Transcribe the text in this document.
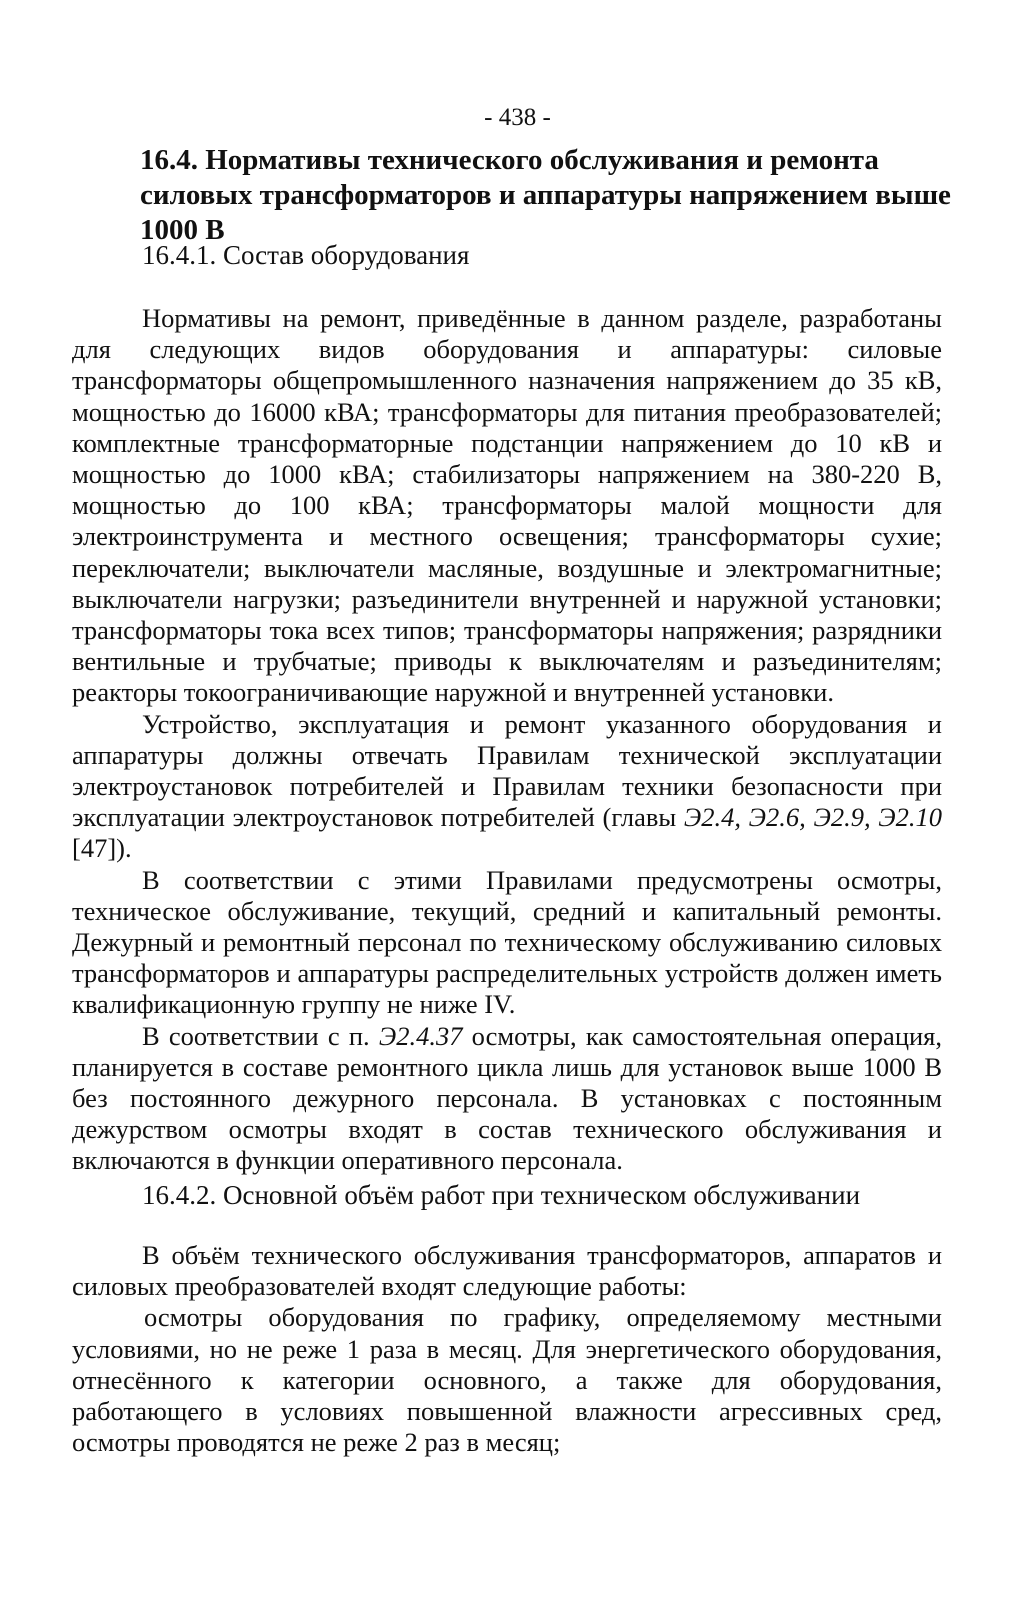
- 438 -
16.4. Нормативы технического обслуживания и ремонта силовых трансформаторов и аппаратуры напряжением выше 1000 В
16.4.1. Состав оборудования

Нормативы на ремонт, приведённые в данном разделе, разработаны для следующих видов оборудования и аппаратуры: силовые трансформаторы общепромышленного назначения напряжением до 35 кВ, мощностью до 16000 кВА; трансформаторы для питания преобразователей; комплектные трансформаторные подстанции напряжением до 10 кВ и мощностью до 1000 кВА; стабилизаторы напряжением на 380-220 В, мощностью до 100 кВА; трансформаторы малой мощности для электроинструмента и местного освещения; трансформаторы сухие; переключатели; выключатели масляные, воздушные и электромагнитные; выключатели нагрузки; разъединители внутренней и наружной установки; трансформаторы тока всех типов; трансформаторы напряжения; разрядники вентильные и трубчатые; приводы к выключателям и разъединителям; реакторы токоограничивающие наружной и внутренней установки.

Устройство, эксплуатация и ремонт указанного оборудования и аппаратуры должны отвечать Правилам технической эксплуатации электроустановок потребителей и Правилам техники безопасности при эксплуатации электроустановок потребителей (главы Э2.4, Э2.6, Э2.9, Э2.10 [47]).

В соответствии с этими Правилами предусмотрены осмотры, техническое обслуживание, текущий, средний и капитальный ремонты. Дежурный и ремонтный персонал по техническому обслуживанию силовых трансформаторов и аппаратуры распределительных устройств должен иметь квалификационную группу не ниже IV.

В соответствии с п. Э2.4.37 осмотры, как самостоятельная операция, планируется в составе ремонтного цикла лишь для установок выше 1000 В без постоянного дежурного персонала. В установках с постоянным дежурством осмотры входят в состав технического обслуживания и включаются в функции оперативного персонала.

16.4.2. Основной объём работ при техническом обслуживании

В объём технического обслуживания трансформаторов, аппаратов и силовых преобразователей входят следующие работы:

осмотры оборудования по графику, определяемому местными условиями, но не реже 1 раза в месяц. Для энергетического оборудования, отнесённого к категории основного, а также для оборудования, работающего в условиях повышенной влажности агрессивных сред, осмотры проводятся не реже 2 раз в месяц;
